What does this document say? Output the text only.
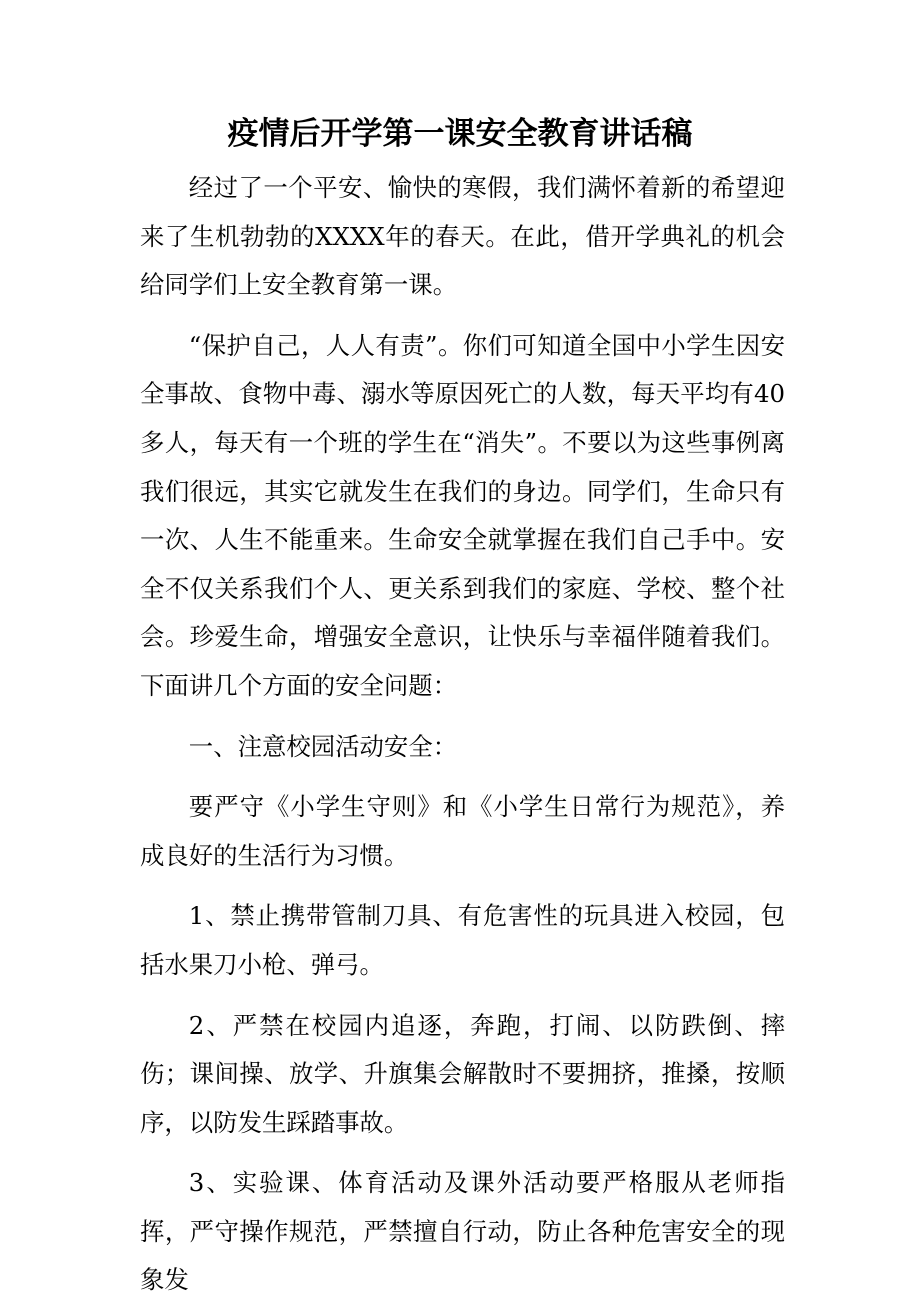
疫情后开学第一课安全教育讲话稿

经过了一个平安、愉快的寒假，我们满怀着新的希望迎来了生机勃勃的XXXX年的春天。在此，借开学典礼的机会给同学们上安全教育第一课。

“保护自己，人人有责”。你们可知道全国中小学生因安全事故、食物中毒、溺水等原因死亡的人数，每天平均有40多人，每天有一个班的学生在“消失”。不要以为这些事例离我们很远，其实它就发生在我们的身边。同学们，生命只有一次、人生不能重来。生命安全就掌握在我们自己手中。安全不仅关系我们个人、更关系到我们的家庭、学校、整个社会。珍爱生命，增强安全意识，让快乐与幸福伴随着我们。下面讲几个方面的安全问题：

一、注意校园活动安全：

要严守《小学生守则》和《小学生日常行为规范》，养成良好的生活行为习惯。

1、禁止携带管制刀具、有危害性的玩具进入校园，包括水果刀小枪、弹弓。

2、严禁在校园内追逐，奔跑，打闹、以防跌倒、摔伤；课间操、放学、升旗集会解散时不要拥挤，推搡，按顺序，以防发生踩踏事故。

3、实验课、体育活动及课外活动要严格服从老师指挥，严守操作规范，严禁擅自行动，防止各种危害安全的现象发
